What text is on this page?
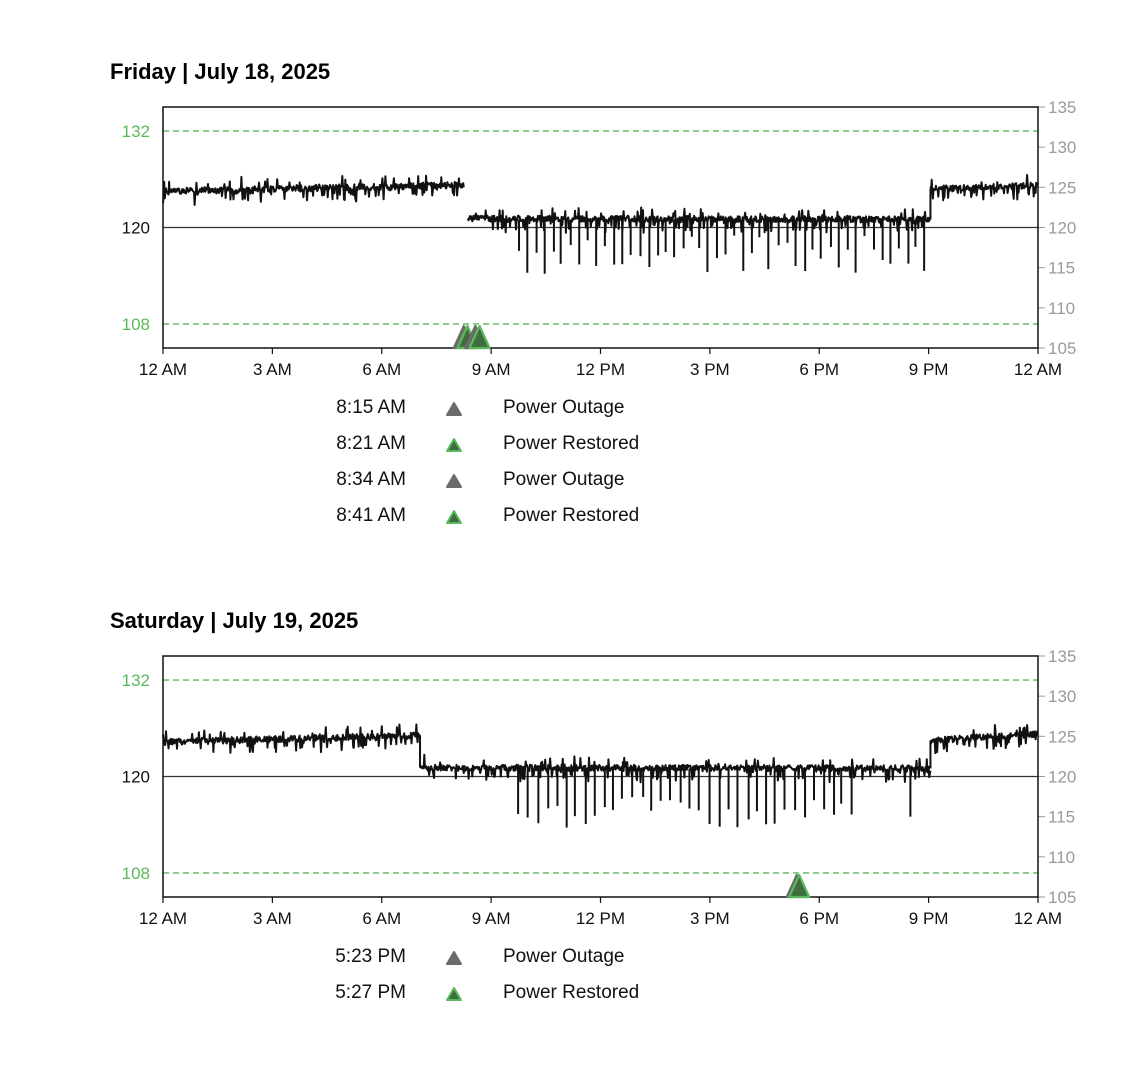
Friday | July 18, 2025
132
120
108
135
130
125
120
115
110
105
12 AM	3 AM	6 AM	9 AM	12 PM	3 PM	6 PM	9 PM	12 AM
8:15 AM	Power Outage
8:21 AM	Power Restored
8:34 AM	Power Outage
8:41 AM	Power Restored
Saturday | July 19, 2025
132
120
108
135
130
125
120
115
110
105
12 AM	3 AM	6 AM	9 AM	12 PM	3 PM	6 PM	9 PM	12 AM
5:23 PM	Power Outage
5:27 PM	Power Restored
